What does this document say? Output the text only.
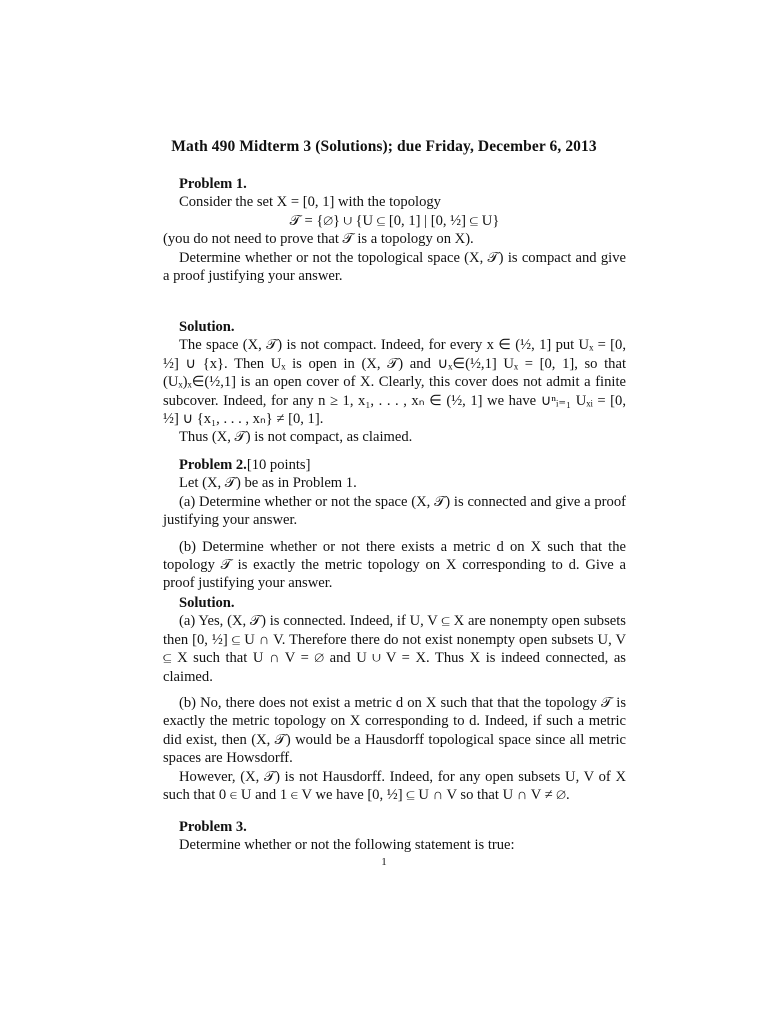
Math 490 Midterm 3 (Solutions); due Friday, December 6, 2013
Problem 1.

Consider the set X = [0, 1] with the topology

𝒯 = {∅} ∪ {U ⊆ [0, 1] | [0, ½] ⊆ U}

(you do not need to prove that 𝒯 is a topology on X).

Determine whether or not the topological space (X, 𝒯) is compact and give a proof justifying your answer.

Solution.

The space (X, 𝒯) is not compact. Indeed, for every x ∈ (½, 1] put Uₓ = [0, ½] ∪ {x}. Then Uₓ is open in (X, 𝒯) and ∪ₓ∈(½,1] Uₓ = [0, 1], so that (Uₓ)ₓ∈(½,1] is an open cover of X. Clearly, this cover does not admit a finite subcover. Indeed, for any n ≥ 1, x₁, . . . , xₙ ∈ (½, 1] we have ∪ⁿᵢ₌₁ Uₓᵢ = [0, ½] ∪ {x₁, . . . , xₙ} ≠ [0, 1].

Thus (X, 𝒯) is not compact, as claimed.

Problem 2.[10 points]

Let (X, 𝒯) be as in Problem 1.

(a) Determine whether or not the space (X, 𝒯) is connected and give a proof justifying your answer.

(b) Determine whether or not there exists a metric d on X such that the topology 𝒯 is exactly the metric topology on X corresponding to d. Give a proof justifying your answer.

Solution.

(a) Yes, (X, 𝒯) is connected. Indeed, if U, V ⊆ X are nonempty open subsets then [0, ½] ⊆ U ∩ V. Therefore there do not exist nonempty open subsets U, V ⊆ X such that U ∩ V = ∅ and U ∪ V = X. Thus X is indeed connected, as claimed.

(b) No, there does not exist a metric d on X such that that the topology 𝒯 is exactly the metric topology on X corresponding to d. Indeed, if such a metric did exist, then (X, 𝒯) would be a Hausdorff topological space since all metric spaces are Howsdorff.

However, (X, 𝒯) is not Hausdorff. Indeed, for any open subsets U, V of X such that 0 ∈ U and 1 ∈ V we have [0, ½] ⊆ U ∩ V so that U ∩ V ≠ ∅.

Problem 3.

Determine whether or not the following statement is true:

1
